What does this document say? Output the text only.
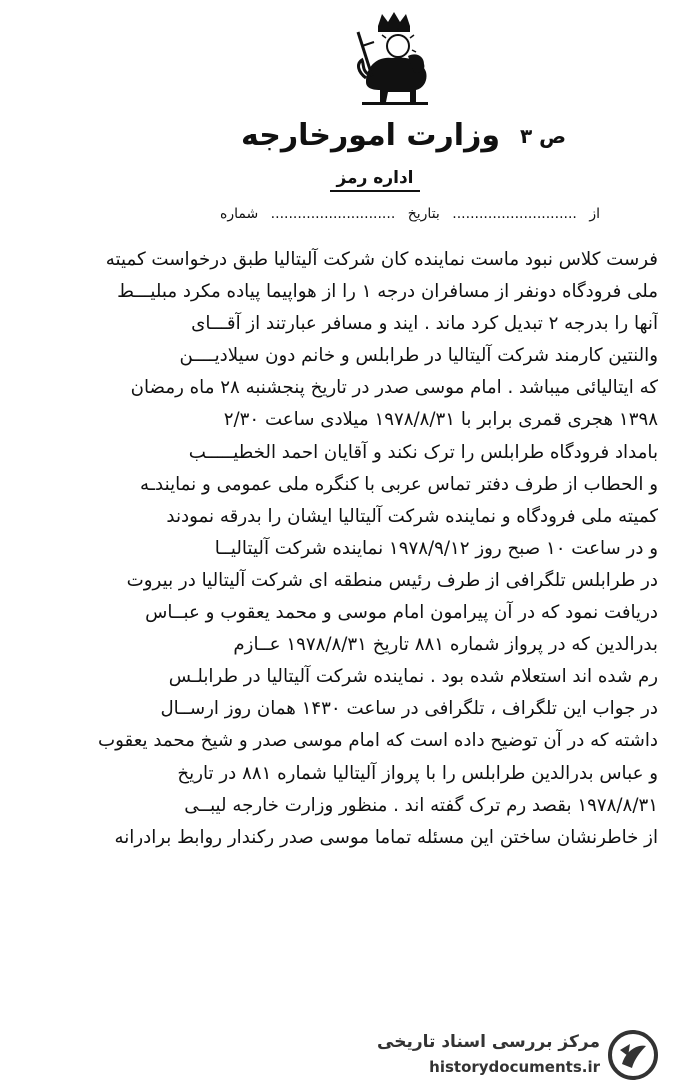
ص ٣
وزارت امورخارجه
اداره رمز
از ............................ بتاریخ ............................ شماره
فرست کلاس نبود ماست نماینده کان شرکت آلیتالیا طبق درخواست کمیته
ملی فرودگاه دونفر از مسافران درجه ۱ را از هواپیما پیاده مکرد مبلیـــط
آنها را بدرجه ۲ تبدیل کرد ماند . ایند و مسافر عبارتند از آقـــای
والنتین کارمند شرکت آلیتالیا در طرابلس و خانم دون سیلادیــــن
که ایتالیائی میباشد . امام موسی صدر در تاریخ پنجشنبه ۲۸ ماه رمضان
۱۳۹۸ هجری قمری برابر با ۱۹۷۸/۸/۳۱ میلادی ساعت ۲/۳۰
بامداد فرودگاه طرابلس را ترک نکند و آقایان احمد الخطیـــــب
و الحطاب از طرف دفتر تماس عربی با کنگره ملی عمومی و نمایندـه
کمیته ملی فرودگاه و نماینده شرکت آلیتالیا ایشان را بدرقه نمودند
و در ساعت ۱۰ صبح روز ۱۹۷۸/۹/۱۲ نماینده شرکت آلیتالیــا
در طرابلس تلگرافی از طرف رئیس منطقه ای شرکت آلیتالیا در بیروت
دریافت نمود که در آن پیرامون امام موسی و محمد یعقوب و عبــاس
بدرالدین که در پرواز شماره ۸۸۱ تاریخ ۱۹۷۸/۸/۳۱ عــازم
رم شده اند استعلام شده بود . نماینده شرکت آلیتالیا در طرابلـس
در جواب این تلگراف ، تلگرافی در ساعت ۱۴۳۰ همان روز ارســال
داشته که در آن توضیح داده است که امام موسی صدر و شیخ محمد یعقوب
و عباس بدرالدین طرابلس را با پرواز آلیتالیا شماره ۸۸۱ در تاریخ
۱۹۷۸/۸/۳۱ بقصد رم ترک گفته اند . منظور وزارت خارجه لیبــی
از خاطرنشان ساختن این مسئله تماما موسی صدر رکندار روابط برادرانه
مرکز بررسی اسناد تاریخی
historydocuments.ir
